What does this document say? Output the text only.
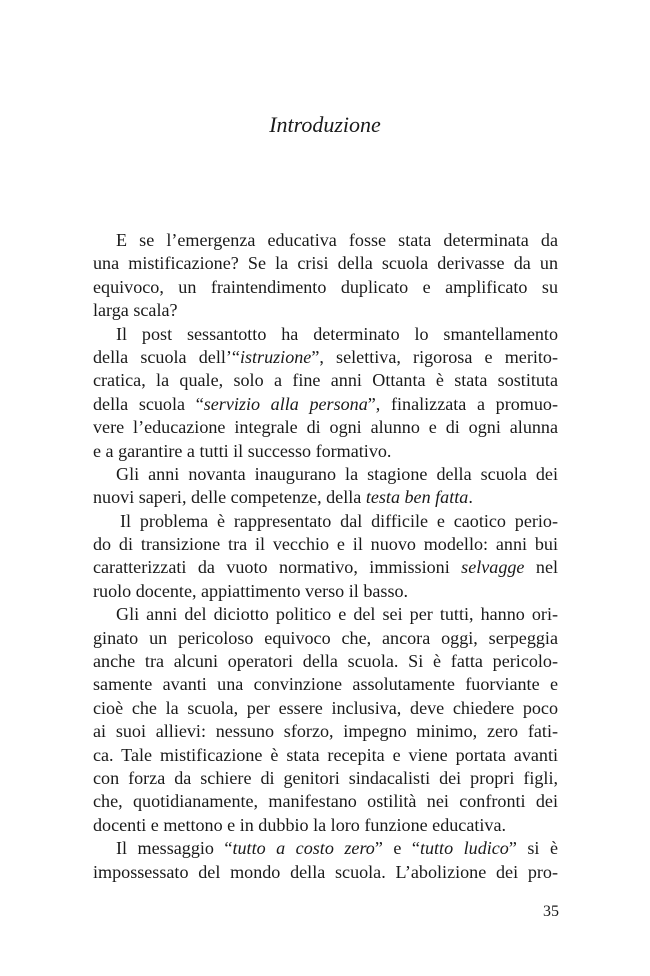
Introduzione
E se l’emergenza educativa fosse stata determinata da
una mistificazione? Se la crisi della scuola derivasse da un
equivoco, un fraintendimento duplicato e amplificato su
larga scala?
Il post sessantotto ha determinato lo smantellamento
della scuola dell’“istruzione”, selettiva, rigorosa e merito-
cratica, la quale, solo a fine anni Ottanta è stata sostituta
della scuola “servizio alla persona”, finalizzata a promuo-
vere l’educazione integrale di ogni alunno e di ogni alunna
e a garantire a tutti il successo formativo.
Gli anni novanta inaugurano la stagione della scuola dei
nuovi saperi, delle competenze, della testa ben fatta.
Il problema è rappresentato dal difficile e caotico perio-
do di transizione tra il vecchio e il nuovo modello: anni bui
caratterizzati da vuoto normativo, immissioni selvagge nel
ruolo docente, appiattimento verso il basso.
Gli anni del diciotto politico e del sei per tutti, hanno ori-
ginato un pericoloso equivoco che, ancora oggi, serpeggia
anche tra alcuni operatori della scuola. Si è fatta pericolo-
samente avanti una convinzione assolutamente fuorviante e
cioè che la scuola, per essere inclusiva, deve chiedere poco
ai suoi allievi: nessuno sforzo, impegno minimo, zero fati-
ca. Tale mistificazione è stata recepita e viene portata avanti
con forza da schiere di genitori sindacalisti dei propri figli,
che, quotidianamente, manifestano ostilità nei confronti dei
docenti e mettono e in dubbio la loro funzione educativa.
Il messaggio “tutto a costo zero” e “tutto ludico” si è
impossessato del mondo della scuola. L’abolizione dei pro-
35
